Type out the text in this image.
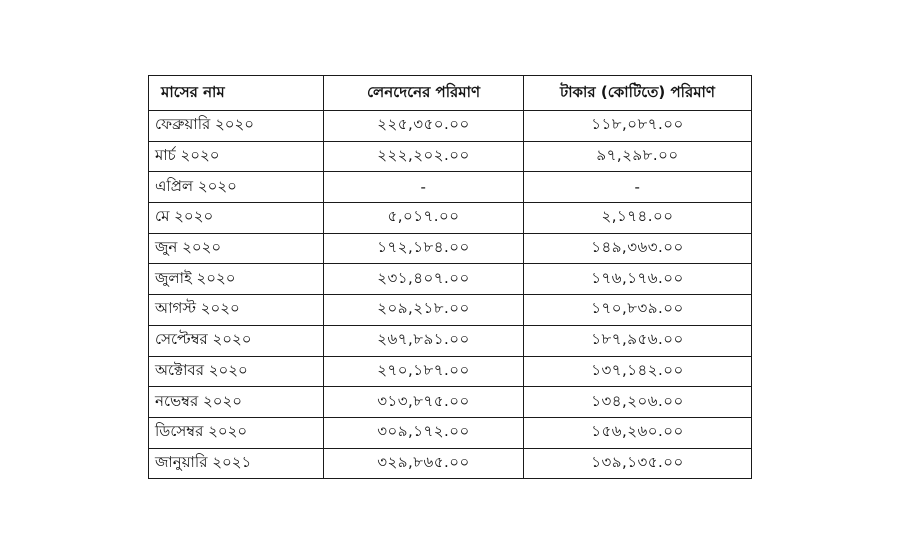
মাসের নাম	লেনদেনের পরিমাণ	টাকার (কোটিতে) পরিমাণ
ফেব্রুয়ারি ২০২০	২২৫,৩৫০.০০	১১৮,০৮৭.০০
মার্চ ২০২০	২২২,২০২.০০	৯৭,২৯৮.০০
এপ্রিল ২০২০	-	-
মে ২০২০	৫,০১৭.০০	২,১৭৪.০০
জুন ২০২০	১৭২,১৮৪.০০	১৪৯,৩৬৩.০০
জুলাই ২০২০	২৩১,৪০৭.০০	১৭৬,১৭৬.০০
আগস্ট ২০২০	২০৯,২১৮.০০	১৭০,৮৩৯.০০
সেপ্টেম্বর ২০২০	২৬৭,৮৯১.০০	১৮৭,৯৫৬.০০
অক্টোবর ২০২০	২৭০,১৮৭.০০	১৩৭,১৪২.০০
নভেম্বর ২০২০	৩১৩,৮৭৫.০০	১৩৪,২০৬.০০
ডিসেম্বর ২০২০	৩০৯,১৭২.০০	১৫৬,২৬০.০০
জানুয়ারি ২০২১	৩২৯,৮৬৫.০০	১৩৯,১৩৫.০০
